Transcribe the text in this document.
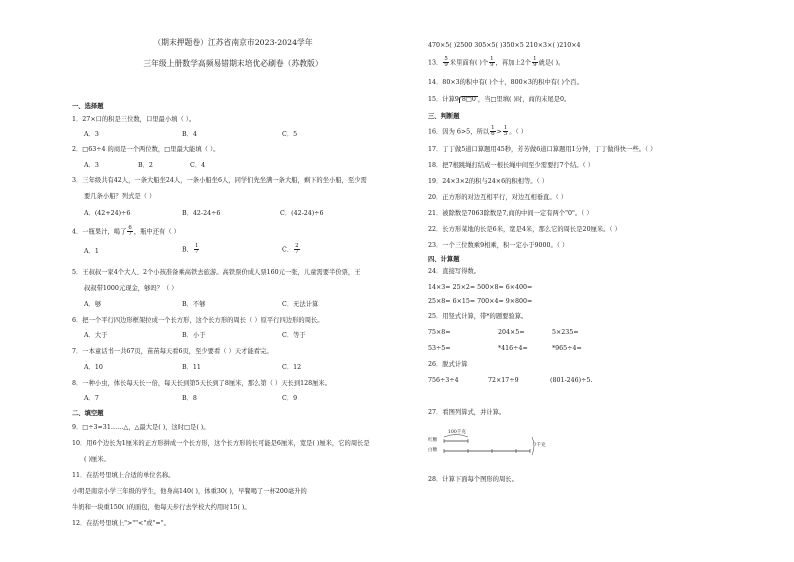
（期末押题卷）江苏省南京市2023-2024学年
三年级上册数学高频易错期末培优必刷卷（苏教版）
一、选择题
1．27×口的积是三位数，口里最小填（ ）。
A．3	B．4	C．5
2．□63÷4 的商是一个两位数，□里最大能填（ ）。
A．3	B．2	C．4
3．三年级共有42人，一条大船坐24人，一条小船坐6人，同学们先坐满一条大船，剩下的坐小船，至少需
要几条小船？列式是（ ）
A．(42+24)÷6	B．42-24÷6	C．(42-24)÷6
4．一瓶果汁，喝了 $\frac{6}{7}$ ，瓶中还有（ ）
A．1	B． $\frac{1}{7}$	C． $\frac{2}{7}$
5．王叔叔一家4个大人、2个小孩准备乘高铁去旅游。高铁票价成人票160元一张，儿童需要半价票，王
叔叔带1000元现金，够吗？（ ）
A．够	B．不够	C．无法计算
6．把一个平行四边形框架拉成一个长方形，这个长方形的周长（ ）原平行四边形的周长。
A．大于	B．小于	C．等于
7．一本童话书一共67页，苗苗每天看6页，至少要看（ ）天才能看完。
A．10	B．11	C．12
8．一种小虫，体长每天长一倍，每天长到第5天长到了8厘米，那么第（ ）天长到128厘米。
A．7	B．8	C．9
二、填空题
9．□÷3=31……△，△最大是( )，这时□是( )。
10．用6个边长为1厘米的正方形拼成一个长方形，这个长方形的长可能是6厘米，宽是( )厘米，它的周长是
( )厘米。
11．在括号里填上合适的单位名称。
小明是南京小学三年级的学生，他身高140( )，体重30( )，早餐喝了一杯200毫升的
牛奶和一块重150( )的面包，他每天步行去学校大约用时15( )。
12．在括号里填上">""<"或"="。
470×5( )2500 305×5( )350×5 210×3×( )210×4
13． $\frac{5}{9}$ 米里面有( )个 $\frac{1}{9}$ ，再加上2个 $\frac{1}{9}$ 就是( )。
14．80×3的积中有( )个十，800×3的积中有( )个百。
15．计算9 8□0 ，当□里填( )时，商的末尾是0。
三、判断题
16．因为 6>5，所以 $\frac{1}{6} > \frac{1}{5}$ 。（ ）
17．丁丁做5道口算题用45秒，芳芳做6道口算题用1分钟，丁丁做得快一些。（ ）
18．把7根跳绳打结成一根长绳中间至少需要打7个结。（ ）
19．24×3×2的积与24×6的积相等。（ ）
20．正方形的对边互相平行，对边互相垂直。（ ）
21．被除数是7063除数是7,商的中间一定有两个"0"。（ ）
22．长方形菜地的长是6米，宽是4米，那么它的周长是20厘米。（ ）
23．一个三位数乘9相乘，积一定小于9000。（ ）
四、计算题
24．直接写得数。
14×3= 25×2= 500×8= 6×400=
25×8= 6×15= 700×4= 9×800=
25．用竖式计算，带*的题要验算。
75×8=	204×5=	5×235=
53÷5=	*416÷4=	*965÷4=
26．脱式计算
756÷3÷4	72×17÷9	(801-246)÷5.
27．看图列算式，并计算。
100千克
红糖
白糖
?千克
28．计算下面每个图形的周长。
